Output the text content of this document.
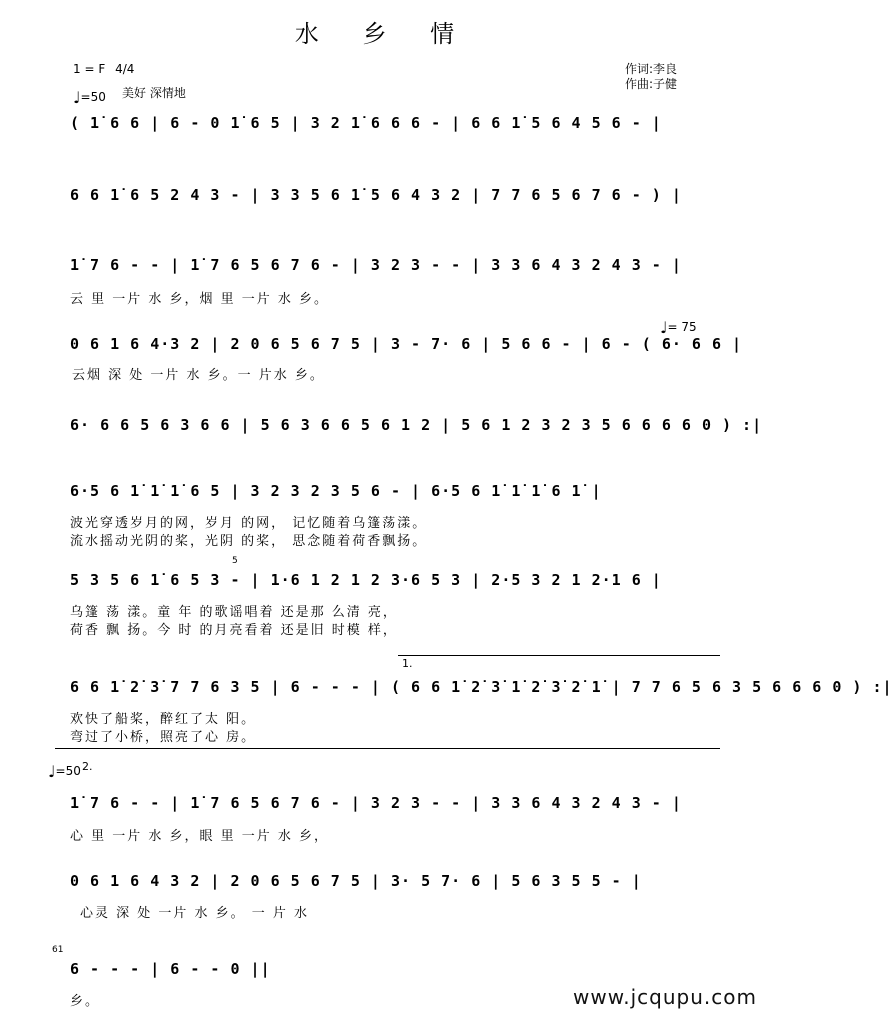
水 乡 情
作词:李良
作曲:子健
1 = F 4/4
♩=50 美好 深情地
♩= 75
♩=50
( 1̇ 6 6 | 6 - 0 1̇ 6 5 | 3 2 1̇ 6 6 6 - | 6 6 1̇ 5 6 4 5 6 - |
6 6 1̇ 6 5 2 4 3 - | 3 3 5 6 1̇ 5 6 4 3 2 | 7 7 6 5 6 7 6 - ) |
1̇ 7 6 - - | 1̇ 7 6 5 6 7 6 - | 3 2 3 - - | 3 3 6 4 3 2 4 3 - |
云 里 一片 水 乡，烟 里 一片 水 乡。
0 6 1 6 4·3 2 | 2 0 6 5 6 7 5 | 3 - 7· 6 | 5 6 6 - | 6 - ( 6· 6 6 |
云烟 深 处 一片 水 乡。一 片水 乡。
6· 6 6 5 6 3 6 6 | 5 6 3 6 6 5 6 1 2 | 5 6 1 2 3 2 3 5 6 6 6 6 0 ) :|
6·5 6 1̇ 1̇ 1̇ 6 5 | 3 2 3 2 3 5 6 - | 6·5 6 1̇ 1̇ 1̇ 6 1̇ |
波光穿透岁月的网，岁月 的网， 记忆随着乌篷荡漾。
流水摇动光阴的桨，光阴 的桨， 思念随着荷香飘扬。
5 3 5 6 1̇ 6 5 3 - | 1·6 1 2 1 2 3·6 5 3 | 2·5 3 2 1 2·1 6 |
乌篷 荡 漾。童 年 的歌谣唱着 还是那 么清 亮，
荷香 飘 扬。今 时 的月亮看着 还是旧 时模 样，
1.
6 6 1̇ 2̇ 3̇ 7 7 6 3 5 | 6 - - - | ( 6 6 1̇ 2̇ 3̇ 1̇ 2̇ 3̇ 2̇ 1̇ | 7 7 6 5 6 3 5 6 6 6 0 ) :|
欢快了船桨，醉红了太 阳。
弯过了小桥，照亮了心 房。
2.
1̇ 7 6 - - | 1̇ 7 6 5 6 7 6 - | 3 2 3 - - | 3 3 6 4 3 2 4 3 - |
心 里 一片 水 乡，眼 里 一片 水 乡，
0 6 1 6 4 3 2 | 2 0 6 5 6 7 5 | 3· 5 7· 6 | 5 6 3 5 5 - |
心灵 深 处 一片 水 乡。 一 片 水
61
6 - - - | 6 - - 0 ||
乡。
5
www.jcqupu.com
